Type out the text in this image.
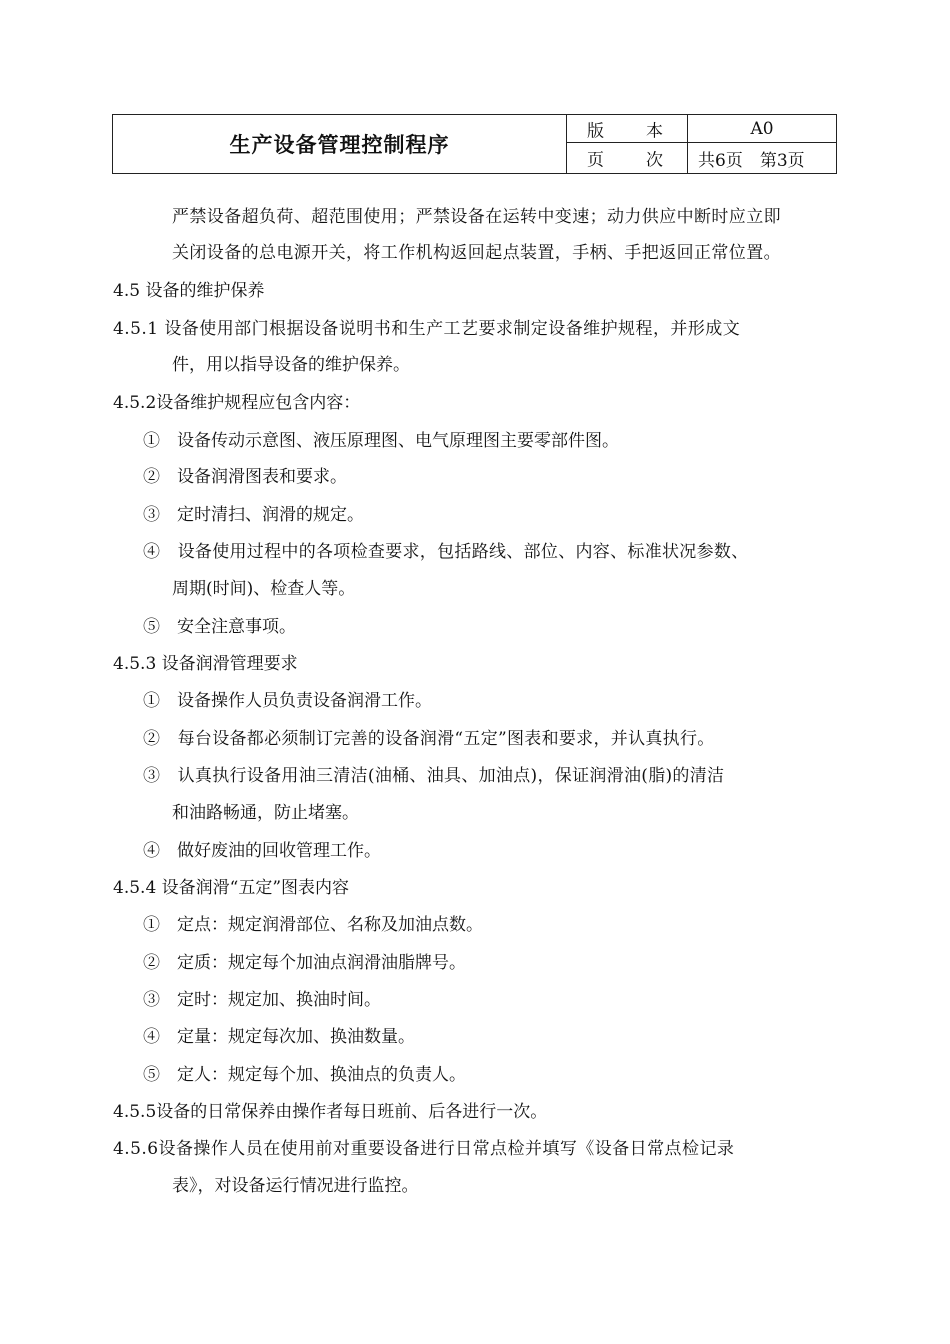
生产设备管理控制程序	版 本	A0

	页 次	共6页　第3页
严禁设备超负荷、超范围使用；严禁设备在运转中变速；动力供应中断时应立即
关闭设备的总电源开关，将工作机构返回起点装置，手柄、手把返回正常位置。
4.5 设备的维护保养
4.5.1 设备使用部门根据设备说明书和生产工艺要求制定设备维护规程，并形成文
件，用以指导设备的维护保养。
4.5.2设备维护规程应包含内容：
①　设备传动示意图、液压原理图、电气原理图主要零部件图。
②　设备润滑图表和要求。
③　定时清扫、润滑的规定。
④　设备使用过程中的各项检查要求，包括路线、部位、内容、标准状况参数、
周期(时间)、检查人等。
⑤　安全注意事项。
4.5.3 设备润滑管理要求
①　设备操作人员负责设备润滑工作。
②　每台设备都必须制订完善的设备润滑“五定”图表和要求，并认真执行。
③　认真执行设备用油三清洁(油桶、油具、加油点)，保证润滑油(脂)的清洁
和油路畅通，防止堵塞。
④　做好废油的回收管理工作。
4.5.4 设备润滑“五定”图表内容
①　定点：规定润滑部位、名称及加油点数。
②　定质：规定每个加油点润滑油脂牌号。
③　定时：规定加、换油时间。
④　定量：规定每次加、换油数量。
⑤　定人：规定每个加、换油点的负责人。
4.5.5设备的日常保养由操作者每日班前、后各进行一次。
4.5.6设备操作人员在使用前对重要设备进行日常点检并填写《设备日常点检记录
表》，对设备运行情况进行监控。
